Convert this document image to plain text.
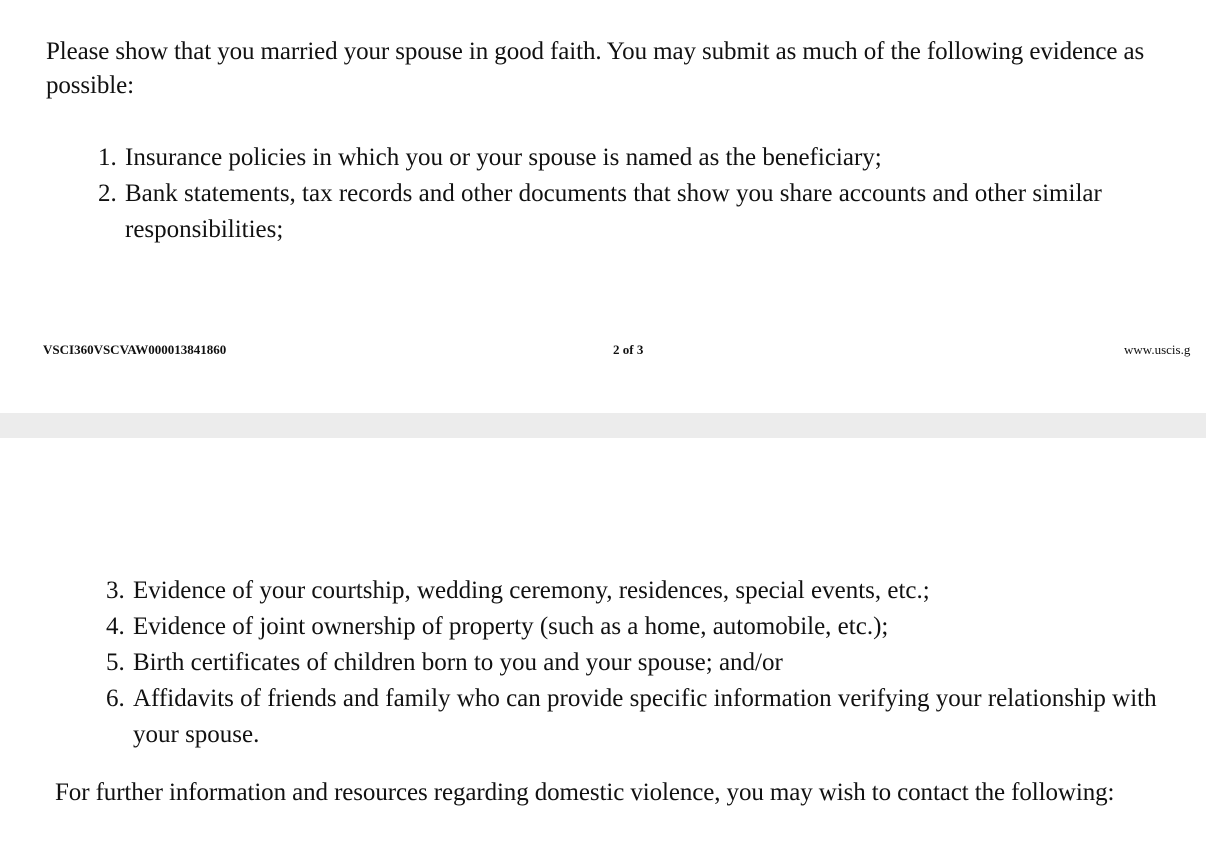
Please show that you married your spouse in good faith. You may submit as much of the following evidence as possible:

1. Insurance policies in which you or your spouse is named as the beneficiary;
2. Bank statements, tax records and other documents that show you share accounts and other similar responsibilities;
VSCI360VSCVAW000013841860	2 of 3	www.uscis.g
3. Evidence of your courtship, wedding ceremony, residences, special events, etc.;
4. Evidence of joint ownership of property (such as a home, automobile, etc.);
5. Birth certificates of children born to you and your spouse; and/or
6. Affidavits of friends and family who can provide specific information verifying your relationship with your spouse.

For further information and resources regarding domestic violence, you may wish to contact the following:
